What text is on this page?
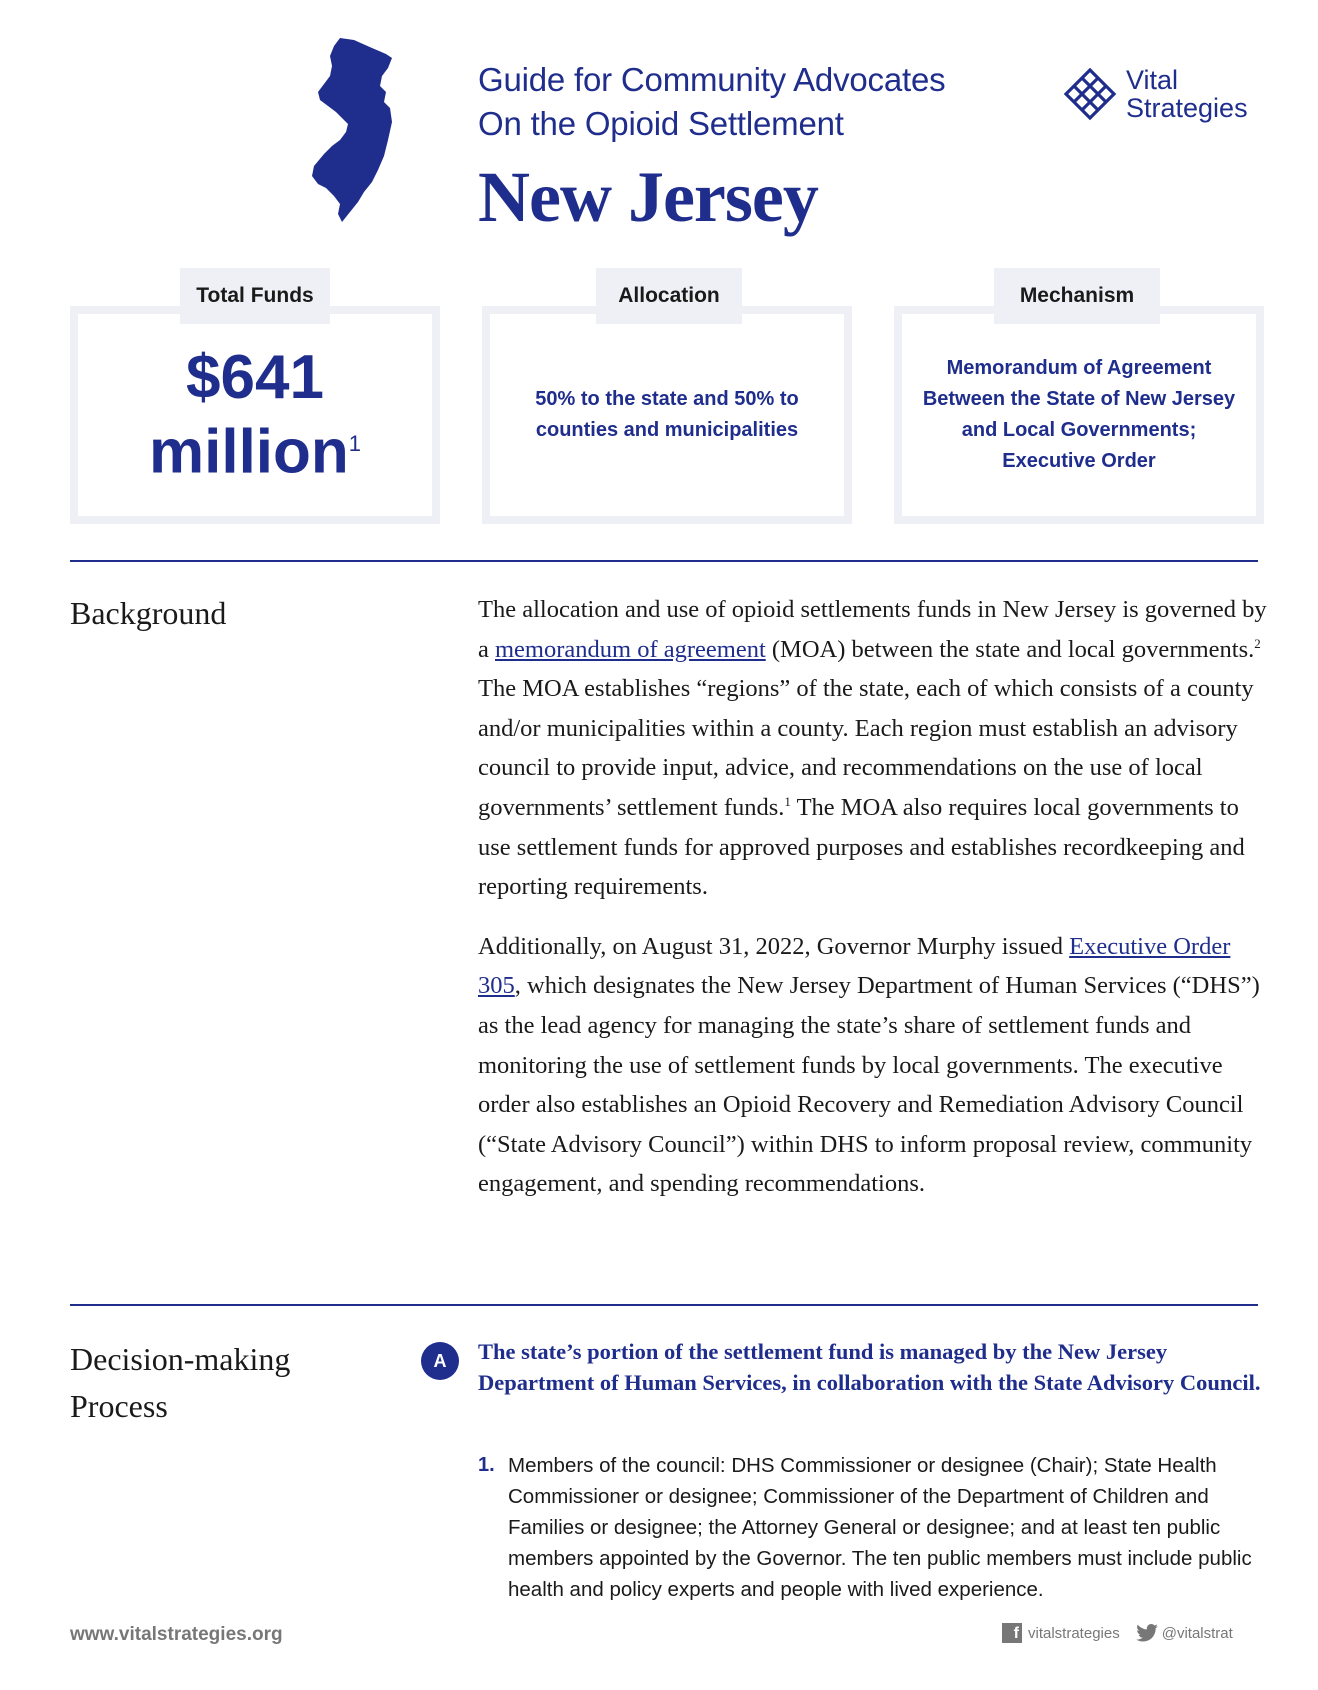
Guide for Community Advocates
On the Opioid Settlement
New Jersey
Vital
Strategies
$641
million$^1$
Total Funds
50% to the state and 50% to counties and municipalities
Allocation
Memorandum of Agreement Between the State of New Jersey and Local Governments; Executive Order
Mechanism
Background	The allocation and use of opioid settlements funds in New Jersey is governed by a memorandum of agreement (MOA) between the state and local governments.$^2$ The MOA establishes “regions” of the state, each of which consists of a county and/or municipalities within a county. Each region must establish an advisory council to provide input, advice, and recommendations on the use of local governments’ settlement funds.$^1$ The MOA also requires local governments to use settlement funds for approved purposes and establishes recordkeeping and reporting requirements.

Additionally, on August 31, 2022, Governor Murphy issued Executive Order 305, which designates the New Jersey Department of Human Services (“DHS”) as the lead agency for managing the state’s share of settlement funds and monitoring the use of settlement funds by local governments. The executive order also establishes an Opioid Recovery and Remediation Advisory Council (“State Advisory Council”) within DHS to inform proposal review, community engagement, and spending recommendations.

Decision-making Process
A	The state’s portion of the settlement fund is managed by the New Jersey Department of Human Services, in collaboration with the State Advisory Council.
1. Members of the council: DHS Commissioner or designee (Chair); State Health Commissioner or designee; Commissioner of the Department of Children and Families or designee; the Attorney General or designee; and at least ten public members appointed by the Governor. The ten public members must include public health and policy experts and people with lived experience.
www.vitalstrategies.org	f vitalstrategies	@vitalstrat
